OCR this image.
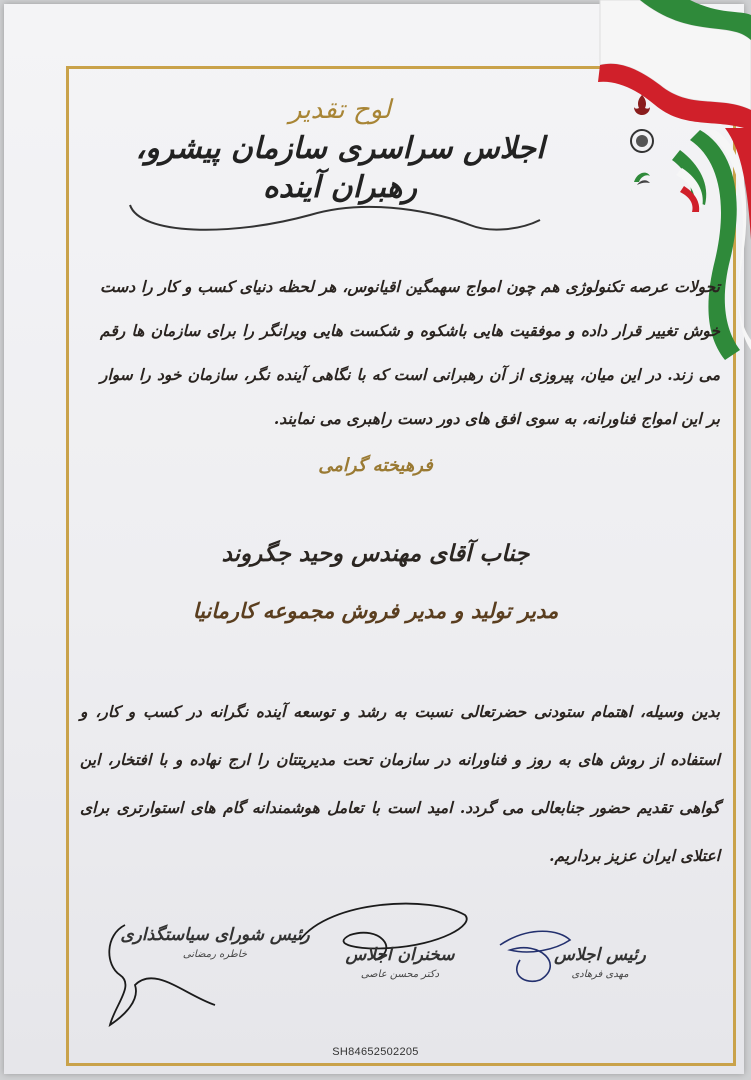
لوح تقدیر
اجلاس سراسری سازمان پیشرو، رهبران آینده
تحولات عرصه تکنولوژی هم چون امواج سهمگین اقیانوس، هر لحظه دنیای کسب و کار را دست خوش تغییر قرار داده و موفقیت هایی باشکوه و شکست هایی ویرانگر را برای سازمان ها رقم می زند. در این میان، پیروزی از آن رهبرانی است که با نگاهی آینده نگر، سازمان خود را سوار بر این امواج فناورانه، به سوی افق های دور دست راهبری می نمایند.
فرهیخته گرامی
جناب آقای مهندس وحید جگروند
مدیر تولید و مدیر فروش مجموعه کارمانیا
بدین وسیله، اهتمام ستودنی حضرتعالی نسبت به رشد و توسعه آینده نگرانه در کسب و کار، و استفاده از روش های به روز و فناورانه در سازمان تحت مدیریتتان را ارج نهاده و با افتخار، این گواهی تقدیم حضور جنابعالی می گردد. امید است با تعامل هوشمندانه گام های استوارتری برای اعتلای ایران عزیز برداریم.
رئیس اجلاس
مهدی فرهادی
سخنران اجلاس
دکتر محسن عاصی
رئیس شورای سیاستگذاری
خاطره رمضانی
SH84652502205
